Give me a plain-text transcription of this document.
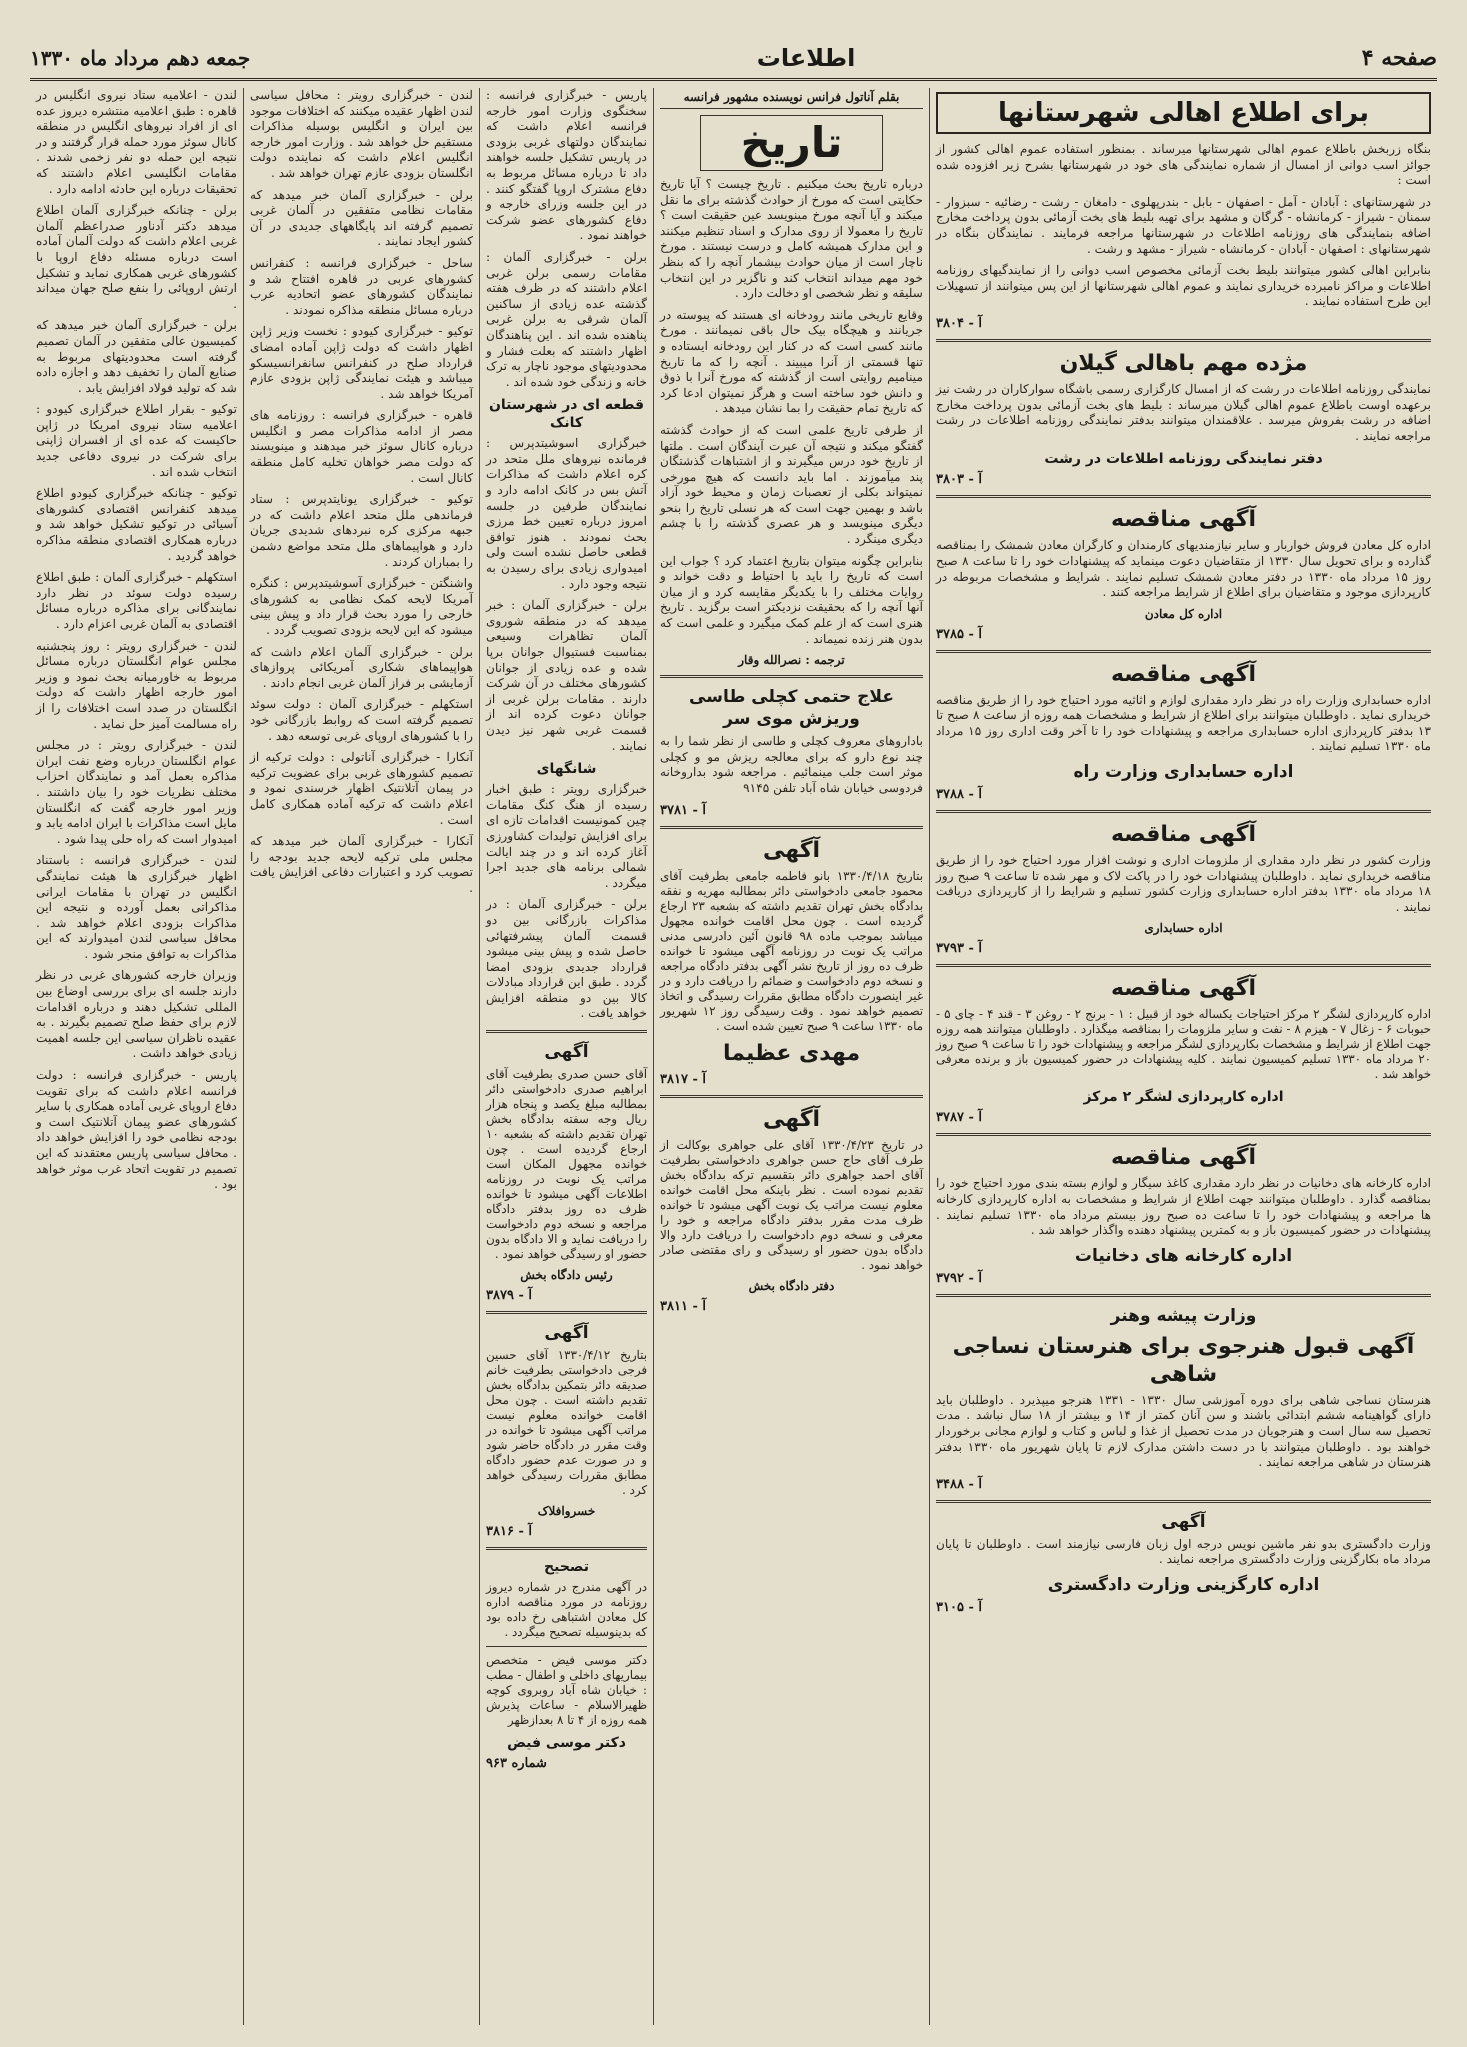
صفحه ۴
اطلاعات
جمعه دهم مرداد ماه ۱۳۳۰
برای اطلاع اهالی شهرستانها

بنگاه زربخش باطلاع عموم اهالی شهرستانها میرساند . بمنظور استفاده عموم اهالی کشور از جوائز اسب دوانی از امسال از شماره نمایندگی های خود در شهرستانها بشرح زیر افزوده شده است :

در شهرستانهای : آبادان - آمل - اصفهان - بابل - بندرپهلوی - دامغان - رشت - رضائیه - سبزوار - سمنان - شیراز - کرمانشاه - گرگان و مشهد برای تهیه بلیط های بخت آزمائی بدون پرداخت مخارج اضافه بنمایندگی های روزنامه اطلاعات در شهرستانها مراجعه فرمایند . نمایندگان بنگاه در شهرستانهای : اصفهان - آبادان - کرمانشاه - شیراز - مشهد و رشت .

بنابراین اهالی کشور میتوانند بلیط بخت آزمائی مخصوص اسب دوانی را از نمایندگیهای روزنامه اطلاعات و مراکز نامبرده خریداری نمایند و عموم اهالی شهرستانها از این پس میتوانند از تسهیلات این طرح استفاده نمایند .

آ - ۳۸۰۴
مژده مهم باهالی گیلان

نمایندگی روزنامه اطلاعات در رشت که از امسال کارگزاری رسمی باشگاه سوارکاران در رشت نیز برعهده اوست باطلاع عموم اهالی گیلان میرساند : بلیط های بخت آزمائی بدون پرداخت مخارج اضافه در رشت بفروش میرسد . علاقمندان میتوانند بدفتر نمایندگی روزنامه اطلاعات در رشت مراجعه نمایند .

دفتر نمایندگی روزنامه اطلاعات در رشت
آ - ۳۸۰۳
آگهی مناقصه

اداره کل معادن فروش خواربار و سایر نیازمندیهای کارمندان و کارگران معادن شمشک را بمناقصه گذارده و برای تحویل سال ۱۳۳۰ از متقاضیان دعوت مینماید که پیشنهادات خود را تا ساعت ۸ صبح روز ۱۵ مرداد ماه ۱۳۳۰ در دفتر معادن شمشک تسلیم نمایند . شرایط و مشخصات مربوطه در کارپردازی موجود و متقاضیان برای اطلاع از شرایط مراجعه کنند .

اداره کل معادن
آ - ۳۷۸۵
آگهی مناقصه

اداره حسابداری وزارت راه در نظر دارد مقداری لوازم و اثاثیه مورد احتیاج خود را از طریق مناقصه خریداری نماید . داوطلبان میتوانند برای اطلاع از شرایط و مشخصات همه روزه از ساعت ۸ صبح تا ۱۳ بدفتر کارپردازی اداره حسابداری مراجعه و پیشنهادات خود را تا آخر وقت اداری روز ۱۵ مرداد ماه ۱۳۳۰ تسلیم نمایند .

اداره حسابداری وزارت راه
آ - ۳۷۸۸
آگهی مناقصه

وزارت کشور در نظر دارد مقداری از ملزومات اداری و نوشت افزار مورد احتیاج خود را از طریق مناقصه خریداری نماید . داوطلبان پیشنهادات خود را در پاکت لاک و مهر شده تا ساعت ۹ صبح روز ۱۸ مرداد ماه ۱۳۳۰ بدفتر اداره حسابداری وزارت کشور تسلیم و شرایط را از کارپردازی دریافت نمایند .

اداره حسابداری
آ - ۳۷۹۳
آگهی مناقصه

اداره کارپردازی لشگر ۲ مرکز احتیاجات یکساله خود از قبیل : ۱ - برنج ۲ - روغن ۳ - قند ۴ - چای ۵ - حبوبات ۶ - زغال ۷ - هیزم ۸ - نفت و سایر ملزومات را بمناقصه میگذارد . داوطلبان میتوانند همه روزه جهت اطلاع از شرایط و مشخصات بکارپردازی لشگر مراجعه و پیشنهادات خود را تا ساعت ۹ صبح روز ۲۰ مرداد ماه ۱۳۳۰ تسلیم کمیسیون نمایند . کلیه پیشنهادات در حضور کمیسیون باز و برنده معرفی خواهد شد .

اداره کارپردازی لشگر ۲ مرکز
آ - ۳۷۸۷
آگهی مناقصه

اداره کارخانه های دخانیات در نظر دارد مقداری کاغذ سیگار و لوازم بسته بندی مورد احتیاج خود را بمناقصه گذارد . داوطلبان میتوانند جهت اطلاع از شرایط و مشخصات به اداره کارپردازی کارخانه ها مراجعه و پیشنهادات خود را تا ساعت ده صبح روز بیستم مرداد ماه ۱۳۳۰ تسلیم نمایند . پیشنهادات در حضور کمیسیون باز و به کمترین پیشنهاد دهنده واگذار خواهد شد .

اداره کارخانه های دخانیات
آ - ۳۷۹۲
وزارت پیشه وهنر
آگهی قبول هنرجوی برای هنرستان نساجی شاهی

هنرستان نساجی شاهی برای دوره آموزشی سال ۱۳۳۰ - ۱۳۳۱ هنرجو میپذیرد . داوطلبان باید دارای گواهینامه ششم ابتدائی باشند و سن آنان کمتر از ۱۴ و بیشتر از ۱۸ سال نباشد . مدت تحصیل سه سال است و هنرجویان در مدت تحصیل از غذا و لباس و کتاب و لوازم مجانی برخوردار خواهند بود . داوطلبان میتوانند با در دست داشتن مدارک لازم تا پایان شهریور ماه ۱۳۳۰ بدفتر هنرستان در شاهی مراجعه نمایند .

آ - ۳۴۸۸
آگهی

وزارت دادگستری بدو نفر ماشین نویس درجه اول زبان فارسی نیازمند است . داوطلبان تا پایان مرداد ماه بکارگزینی وزارت دادگستری مراجعه نمایند .

اداره کارگزینی وزارت دادگستری
آ - ۳۱۰۵
بقلم آناتول فرانس نویسنده مشهور فرانسه
تاریخ

درباره تاریخ بحث میکنیم . تاریخ چیست ؟ آیا تاریخ حکایتی است که مورخ از حوادث گذشته برای ما نقل میکند و آیا آنچه مورخ مینویسد عین حقیقت است ؟ تاریخ را معمولا از روی مدارک و اسناد تنظیم میکنند و این مدارک همیشه کامل و درست نیستند . مورخ ناچار است از میان حوادث بیشمار آنچه را که بنظر خود مهم میداند انتخاب کند و ناگزیر در این انتخاب سلیقه و نظر شخصی او دخالت دارد .

وقایع تاریخی مانند رودخانه ای هستند که پیوسته در جریانند و هیچگاه بیک حال باقی نمیمانند . مورخ مانند کسی است که در کنار این رودخانه ایستاده و تنها قسمتی از آنرا میبیند . آنچه را که ما تاریخ مینامیم روایتی است از گذشته که مورخ آنرا با ذوق و دانش خود ساخته است و هرگز نمیتوان ادعا کرد که تاریخ تمام حقیقت را بما نشان میدهد .

از طرفی تاریخ علمی است که از حوادث گذشته گفتگو میکند و نتیجه آن عبرت آیندگان است . ملتها از تاریخ خود درس میگیرند و از اشتباهات گذشتگان پند میآموزند . اما باید دانست که هیچ مورخی نمیتواند بکلی از تعصبات زمان و محیط خود آزاد باشد و بهمین جهت است که هر نسلی تاریخ را بنحو دیگری مینویسد و هر عصری گذشته را با چشم دیگری مینگرد .

بنابراین چگونه میتوان بتاریخ اعتماد کرد ؟ جواب این است که تاریخ را باید با احتیاط و دقت خواند و روایات مختلف را با یکدیگر مقایسه کرد و از میان آنها آنچه را که بحقیقت نزدیکتر است برگزید . تاریخ هنری است که از علم کمک میگیرد و علمی است که بدون هنر زنده نمیماند .

ترجمه : نصرالله وقار
علاج حتمی کچلی طاسی وریزش موی سر

باداروهای معروف کچلی و طاسی از نظر شما را به چند نوع دارو که برای معالجه ریزش مو و کچلی موثر است جلب مینمائیم . مراجعه شود بداروخانه فردوسی خیابان شاه آباد تلفن ۹۱۴۵

آ - ۳۷۸۱
آگهی

بتاریخ ۱۳۳۰/۴/۱۸ بانو فاطمه جامعی بطرفیت آقای محمود جامعی دادخواستی دائر بمطالبه مهریه و نفقه بدادگاه بخش تهران تقدیم داشته که بشعبه ۲۳ ارجاع گردیده است . چون محل اقامت خوانده مجهول میباشد بموجب ماده ۹۸ قانون آئین دادرسی مدنی مراتب یک نوبت در روزنامه آگهی میشود تا خوانده ظرف ده روز از تاریخ نشر آگهی بدفتر دادگاه مراجعه و نسخه دوم دادخواست و ضمائم را دریافت دارد و در غیر اینصورت دادگاه مطابق مقررات رسیدگی و اتخاذ تصمیم خواهد نمود . وقت رسیدگی روز ۱۲ شهریور ماه ۱۳۳۰ ساعت ۹ صبح تعیین شده است .

مهدی عظیما
آ - ۳۸۱۷
آگهی

در تاریخ ۱۳۳۰/۴/۲۳ آقای علی جواهری بوکالت از طرف آقای حاج حسن جواهری دادخواستی بطرفیت آقای احمد جواهری دائر بتقسیم ترکه بدادگاه بخش تقدیم نموده است . نظر باینکه محل اقامت خوانده معلوم نیست مراتب یک نوبت آگهی میشود تا خوانده ظرف مدت مقرر بدفتر دادگاه مراجعه و خود را معرفی و نسخه دوم دادخواست را دریافت دارد والا دادگاه بدون حضور او رسیدگی و رای مقتضی صادر خواهد نمود .

دفتر دادگاه بخش
آ - ۳۸۱۱

پاریس - خبرگزاری فرانسه : سخنگوی وزارت امور خارجه فرانسه اعلام داشت که نمایندگان دولتهای غربی بزودی در پاریس تشکیل جلسه خواهند داد تا درباره مسائل مربوط به دفاع مشترک اروپا گفتگو کنند . در این جلسه وزرای خارجه و دفاع کشورهای عضو شرکت خواهند نمود .

برلن - خبرگزاری آلمان : مقامات رسمی برلن غربی اعلام داشتند که در ظرف هفته گذشته عده زیادی از ساکنین آلمان شرقی به برلن غربی پناهنده شده اند . این پناهندگان اظهار داشتند که بعلت فشار و محدودیتهای موجود ناچار به ترک خانه و زندگی خود شده اند .

قطعه ای در شهرستان کانک

خبرگزاری اسوشیتدپرس : فرمانده نیروهای ملل متحد در کره اعلام داشت که مذاکرات آتش بس در کانک ادامه دارد و نمایندگان طرفین در جلسه امروز درباره تعیین خط مرزی بحث نمودند . هنوز توافق قطعی حاصل نشده است ولی امیدواری زیادی برای رسیدن به نتیجه وجود دارد .

برلن - خبرگزاری آلمان : خبر میدهد که در منطقه شوروی آلمان تظاهرات وسیعی بمناسبت فستیوال جوانان برپا شده و عده زیادی از جوانان کشورهای مختلف در آن شرکت دارند . مقامات برلن غربی از جوانان دعوت کرده اند از قسمت غربی شهر نیز دیدن نمایند .

شانگهای

خبرگزاری رویتر : طبق اخبار رسیده از هنگ کنگ مقامات چین کمونیست اقدامات تازه ای برای افزایش تولیدات کشاورزی آغاز کرده اند و در چند ایالت شمالی برنامه های جدید اجرا میگردد .

برلن - خبرگزاری آلمان : در مذاکرات بازرگانی بین دو قسمت آلمان پیشرفتهائی حاصل شده و پیش بینی میشود قرارداد جدیدی بزودی امضا گردد . طبق این قرارداد مبادلات کالا بین دو منطقه افزایش خواهد یافت .

آگهی

آقای حسن صدری بطرفیت آقای ابراهیم صدری دادخواستی دائر بمطالبه مبلغ یکصد و پنجاه هزار ریال وجه سفته بدادگاه بخش تهران تقدیم داشته که بشعبه ۱۰ ارجاع گردیده است . چون خوانده مجهول المکان است مراتب یک نوبت در روزنامه اطلاعات آگهی میشود تا خوانده ظرف ده روز بدفتر دادگاه مراجعه و نسخه دوم دادخواست را دریافت نماید و الا دادگاه بدون حضور او رسیدگی خواهد نمود .

رئیس دادگاه بخش
آ - ۳۸۷۹
آگهی

بتاریخ ۱۳۳۰/۴/۱۲ آقای حسین فرجی دادخواستی بطرفیت خانم صدیقه دائر بتمکین بدادگاه بخش تقدیم داشته است . چون محل اقامت خوانده معلوم نیست مراتب آگهی میشود تا خوانده در وقت مقرر در دادگاه حاضر شود و در صورت عدم حضور دادگاه مطابق مقررات رسیدگی خواهد کرد .

خسروافلاک
آ - ۳۸۱۶
تصحیح

در آگهی مندرج در شماره دیروز روزنامه در مورد مناقصه اداره کل معادن اشتباهی رخ داده بود که بدینوسیله تصحیح میگردد .

دکتر موسی فیض - متخصص بیماریهای داخلی و اطفال - مطب : خیابان شاه آباد روبروی کوچه ظهیرالاسلام - ساعات پذیرش همه روزه از ۴ تا ۸ بعدازظهر

دکتر موسی فیض
شماره ۹۶۳

لندن - خبرگزاری رویتر : محافل سیاسی لندن اظهار عقیده میکنند که اختلافات موجود بین ایران و انگلیس بوسیله مذاکرات مستقیم حل خواهد شد . وزارت امور خارجه انگلیس اعلام داشت که نماینده دولت انگلستان بزودی عازم تهران خواهد شد .

برلن - خبرگزاری آلمان خبر میدهد که مقامات نظامی متفقین در آلمان غربی تصمیم گرفته اند پایگاههای جدیدی در آن کشور ایجاد نمایند .

ساحل - خبرگزاری فرانسه : کنفرانس کشورهای عربی در قاهره افتتاح شد و نمایندگان کشورهای عضو اتحادیه عرب درباره مسائل منطقه مذاکره نمودند .

توکیو - خبرگزاری کیودو : نخست وزیر ژاپن اظهار داشت که دولت ژاپن آماده امضای قرارداد صلح در کنفرانس سانفرانسیسکو میباشد و هیئت نمایندگی ژاپن بزودی عازم آمریکا خواهد شد .

قاهره - خبرگزاری فرانسه : روزنامه های مصر از ادامه مذاکرات مصر و انگلیس درباره کانال سوئز خبر میدهند و مینویسند که دولت مصر خواهان تخلیه کامل منطقه کانال است .

توکیو - خبرگزاری یونایتدپرس : ستاد فرماندهی ملل متحد اعلام داشت که در جبهه مرکزی کره نبردهای شدیدی جریان دارد و هواپیماهای ملل متحد مواضع دشمن را بمباران کردند .

واشنگتن - خبرگزاری آسوشیتدپرس : کنگره آمریکا لایحه کمک نظامی به کشورهای خارجی را مورد بحث قرار داد و پیش بینی میشود که این لایحه بزودی تصویب گردد .

برلن - خبرگزاری آلمان اعلام داشت که هواپیماهای شکاری آمریکائی پروازهای آزمایشی بر فراز آلمان غربی انجام دادند .

استکهلم - خبرگزاری آلمان : دولت سوئد تصمیم گرفته است که روابط بازرگانی خود را با کشورهای اروپای غربی توسعه دهد .

آنکارا - خبرگزاری آناتولی : دولت ترکیه از تصمیم کشورهای غربی برای عضویت ترکیه در پیمان آتلانتیک اظهار خرسندی نمود و اعلام داشت که ترکیه آماده همکاری کامل است .

آنکارا - خبرگزاری آلمان خبر میدهد که مجلس ملی ترکیه لایحه جدید بودجه را تصویب کرد و اعتبارات دفاعی افزایش یافت .

لندن - اعلامیه ستاد نیروی انگلیس در قاهره : طبق اعلامیه منتشره دیروز عده ای از افراد نیروهای انگلیس در منطقه کانال سوئز مورد حمله قرار گرفتند و در نتیجه این حمله دو نفر زخمی شدند . مقامات انگلیسی اعلام داشتند که تحقیقات درباره این حادثه ادامه دارد .

برلن - چنانکه خبرگزاری آلمان اطلاع میدهد دکتر آدناور صدراعظم آلمان غربی اعلام داشت که دولت آلمان آماده است درباره مسئله دفاع اروپا با کشورهای غربی همکاری نماید و تشکیل ارتش اروپائی را بنفع صلح جهان میداند .

برلن - خبرگزاری آلمان خبر میدهد که کمیسیون عالی متفقین در آلمان تصمیم گرفته است محدودیتهای مربوط به صنایع آلمان را تخفیف دهد و اجازه داده شد که تولید فولاد افزایش یابد .

توکیو - بقرار اطلاع خبرگزاری کیودو : اعلامیه ستاد نیروی امریکا در ژاپن حاکیست که عده ای از افسران ژاپنی برای شرکت در نیروی دفاعی جدید انتخاب شده اند .

توکیو - چنانکه خبرگزاری کیودو اطلاع میدهد کنفرانس اقتصادی کشورهای آسیائی در توکیو تشکیل خواهد شد و درباره همکاری اقتصادی منطقه مذاکره خواهد گردید .

استکهلم - خبرگزاری آلمان : طبق اطلاع رسیده دولت سوئد در نظر دارد نمایندگانی برای مذاکره درباره مسائل اقتصادی به آلمان غربی اعزام دارد .

لندن - خبرگزاری رویتر : روز پنجشنبه مجلس عوام انگلستان درباره مسائل مربوط به خاورمیانه بحث نمود و وزیر امور خارجه اظهار داشت که دولت انگلستان در صدد است اختلافات را از راه مسالمت آمیز حل نماید .

لندن - خبرگزاری رویتر : در مجلس عوام انگلستان درباره وضع نفت ایران مذاکره بعمل آمد و نمایندگان احزاب مختلف نظریات خود را بیان داشتند . وزیر امور خارجه گفت که انگلستان مایل است مذاکرات با ایران ادامه یابد و امیدوار است که راه حلی پیدا شود .

لندن - خبرگزاری فرانسه : باستناد اظهار خبرگزاری ها هیئت نمایندگی انگلیس در تهران با مقامات ایرانی مذاکراتی بعمل آورده و نتیجه این مذاکرات بزودی اعلام خواهد شد . محافل سیاسی لندن امیدوارند که این مذاکرات به توافق منجر شود .

وزیران خارجه کشورهای غربی در نظر دارند جلسه ای برای بررسی اوضاع بین المللی تشکیل دهند و درباره اقدامات لازم برای حفظ صلح تصمیم بگیرند . به عقیده ناظران سیاسی این جلسه اهمیت زیادی خواهد داشت .

پاریس - خبرگزاری فرانسه : دولت فرانسه اعلام داشت که برای تقویت دفاع اروپای غربی آماده همکاری با سایر کشورهای عضو پیمان آتلانتیک است و بودجه نظامی خود را افزایش خواهد داد . محافل سیاسی پاریس معتقدند که این تصمیم در تقویت اتحاد غرب موثر خواهد بود .
